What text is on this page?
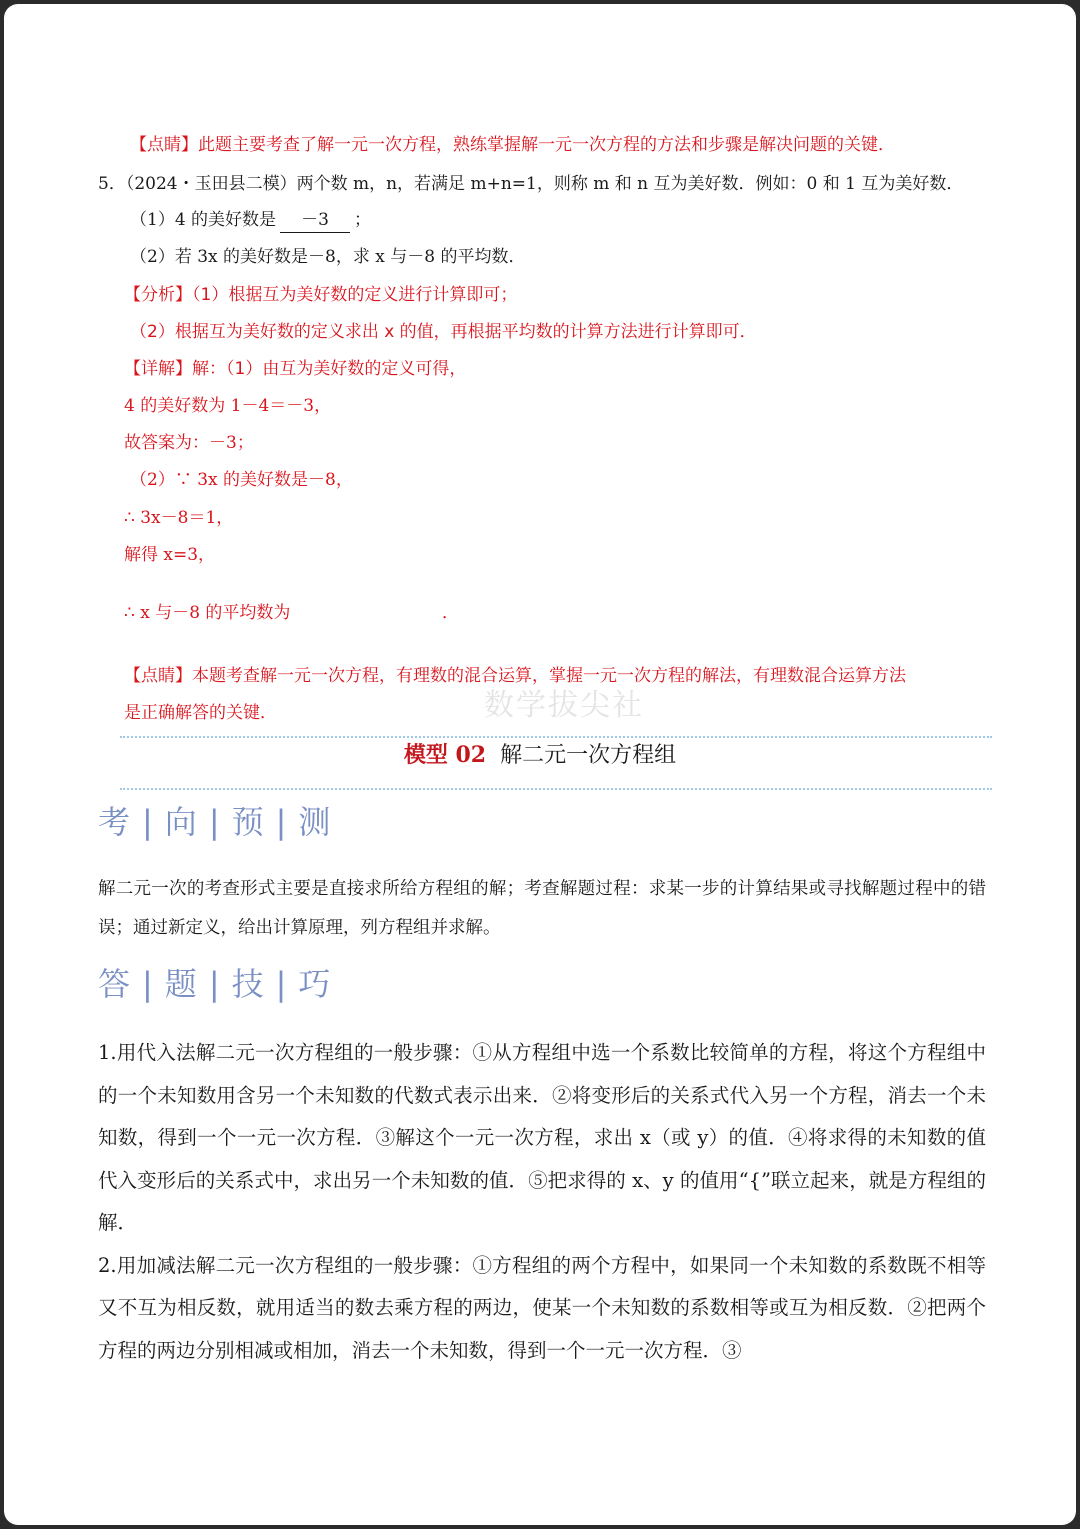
【点睛】此题主要考查了解一元一次方程，熟练掌握解一元一次方程的方法和步骤是解决问题的关键．
5．（2024・玉田县二模）两个数 m，n，若满足 m+n=1，则称 m 和 n 互为美好数．例如：0 和 1 互为美好数．
（1）4 的美好数是 －3 ；
（2）若 3x 的美好数是－8，求 x 与－8 的平均数．
【分析】（1）根据互为美好数的定义进行计算即可；
（2）根据互为美好数的定义求出 x 的值，再根据平均数的计算方法进行计算即可．
【详解】解：（1）由互为美好数的定义可得，
4 的美好数为 1－4＝－3，
故答案为：－3；
（2）∵ 3x 的美好数是－8，
∴ 3x－8＝1，
解得 x=3，
∴ x 与－8 的平均数为	．
【点睛】本题考查解一元一次方程，有理数的混合运算，掌握一元一次方程的解法，有理数混合运算方法
是正确解答的关键．	数学拔尖社
模型 02 解二元一次方程组
考 | 向 | 预 | 测
解二元一次的考查形式主要是直接求所给方程组的解；考查解题过程：求某一步的计算结果或寻找解题过程中的错误；通过新定义，给出计算原理，列方程组并求解。
答 | 题 | 技 | 巧
1.用代入法解二元一次方程组的一般步骤：①从方程组中选一个系数比较简单的方程，将这个方程组中的一个未知数用含另一个未知数的代数式表示出来．②将变形后的关系式代入另一个方程，消去一个未知数，得到一个一元一次方程．③解这个一元一次方程，求出 x（或 y）的值．④将求得的未知数的值代入变形后的关系式中，求出另一个未知数的值．⑤把求得的 x、y 的值用“{”联立起来，就是方程组的解．
2.用加减法解二元一次方程组的一般步骤：①方程组的两个方程中，如果同一个未知数的系数既不相等又不互为相反数，就用适当的数去乘方程的两边，使某一个未知数的系数相等或互为相反数．②把两个方程的两边分别相减或相加，消去一个未知数，得到一个一元一次方程．③
